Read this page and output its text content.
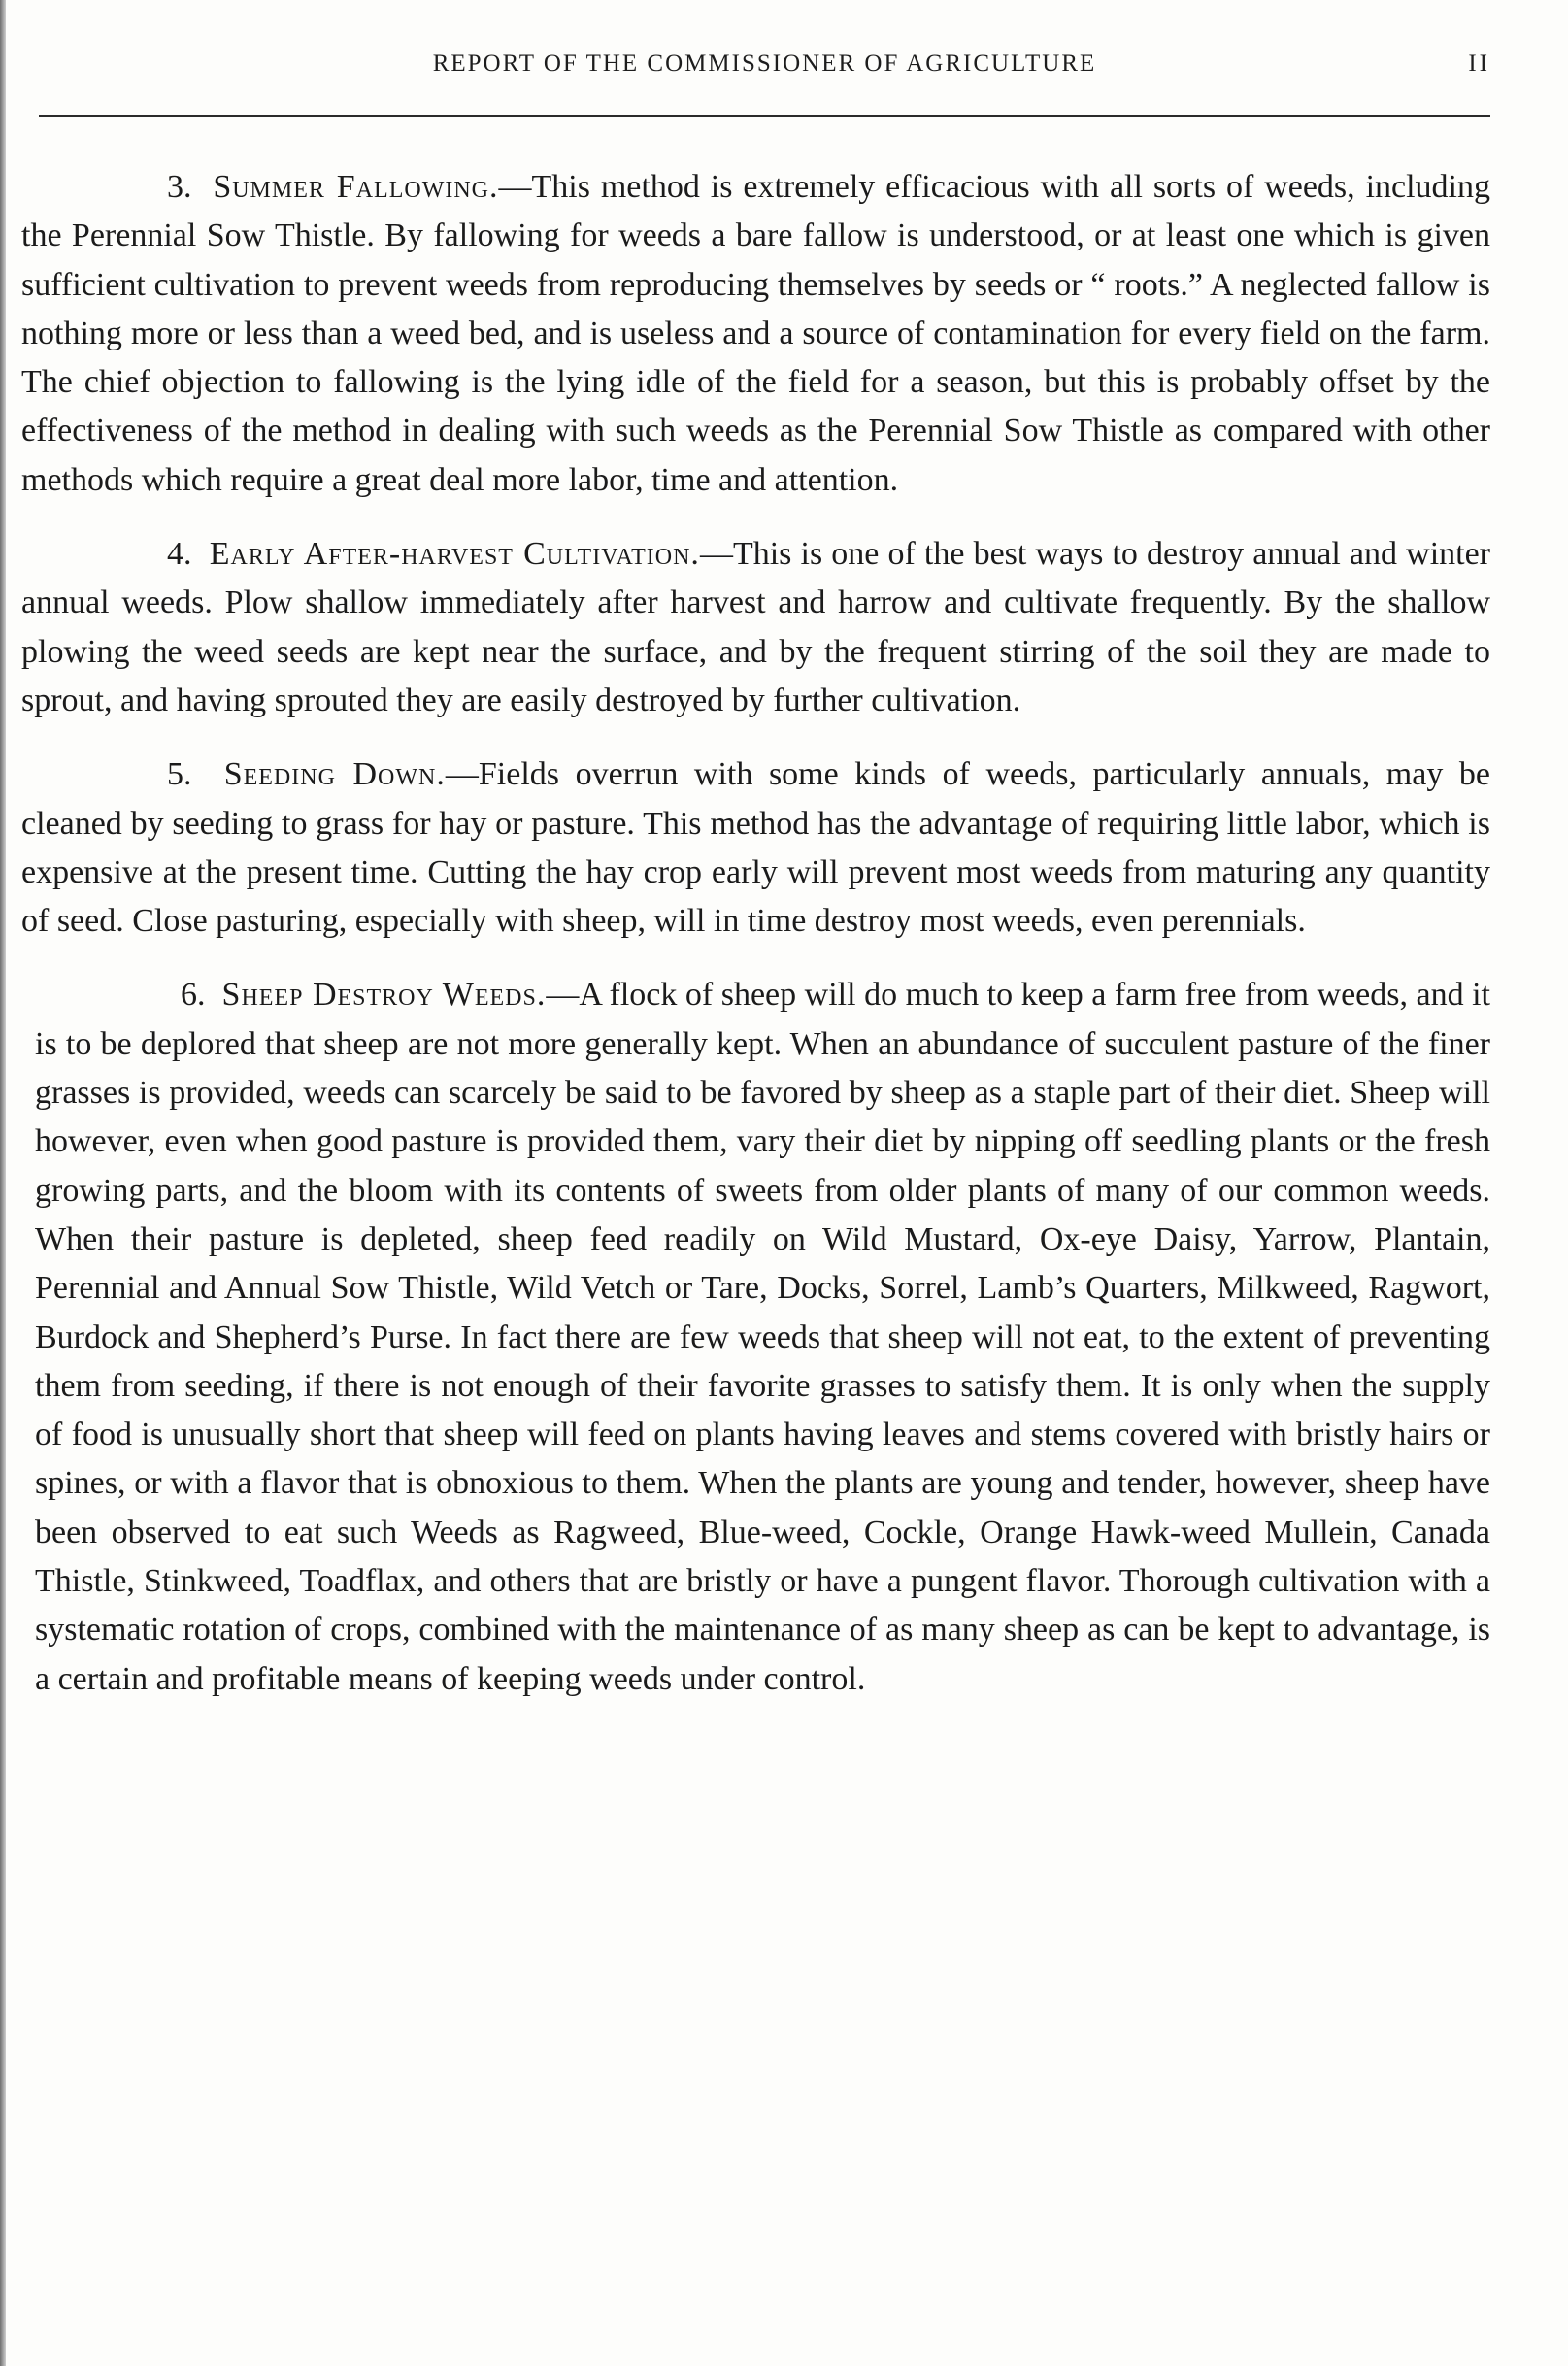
REPORT OF THE COMMISSIONER OF AGRICULTURE	II

3. Summer Fallowing.—This method is extremely efficacious with all sorts of weeds, including the Perennial Sow Thistle. By fallowing for weeds a bare fallow is understood, or at least one which is given sufficient cultivation to prevent weeds from reproducing themselves by seeds or “ roots.” A neglected fallow is nothing more or less than a weed bed, and is useless and a source of contamination for every field on the farm. The chief objection to fallowing is the lying idle of the field for a season, but this is probably offset by the effectiveness of the method in dealing with such weeds as the Perennial Sow Thistle as compared with other methods which require a great deal more labor, time and attention.

4. Early After-harvest Cultivation.—This is one of the best ways to destroy annual and winter annual weeds. Plow shallow immediately after harvest and harrow and cultivate frequently. By the shallow plowing the weed seeds are kept near the surface, and by the frequent stirring of the soil they are made to sprout, and having sprouted they are easily destroyed by further cultivation.

5. Seeding Down.—Fields overrun with some kinds of weeds, particularly annuals, may be cleaned by seeding to grass for hay or pasture. This method has the advantage of requiring little labor, which is expensive at the present time. Cutting the hay crop early will prevent most weeds from maturing any quantity of seed. Close pasturing, especially with sheep, will in time destroy most weeds, even perennials.

6. Sheep Destroy Weeds.—A flock of sheep will do much to keep a farm free from weeds, and it is to be deplored that sheep are not more generally kept. When an abundance of succulent pasture of the finer grasses is provided, weeds can scarcely be said to be favored by sheep as a staple part of their diet. Sheep will however, even when good pasture is provided them, vary their diet by nipping off seedling plants or the fresh growing parts, and the bloom with its contents of sweets from older plants of many of our common weeds. When their pasture is depleted, sheep feed readily on Wild Mustard, Ox-eye Daisy, Yarrow, Plantain, Perennial and Annual Sow Thistle, Wild Vetch or Tare, Docks, Sorrel, Lamb’s Quarters, Milkweed, Ragwort, Burdock and Shepherd’s Purse. In fact there are few weeds that sheep will not eat, to the extent of preventing them from seeding, if there is not enough of their favorite grasses to satisfy them. It is only when the supply of food is unusually short that sheep will feed on plants having leaves and stems covered with bristly hairs or spines, or with a flavor that is obnoxious to them. When the plants are young and tender, however, sheep have been observed to eat such Weeds as Ragweed, Blue-weed, Cockle, Orange Hawk-weed Mullein, Canada Thistle, Stinkweed, Toadflax, and others that are bristly or have a pungent flavor. Thorough cultivation with a systematic rotation of crops, combined with the maintenance of as many sheep as can be kept to advantage, is a certain and profitable means of keeping weeds under control.
